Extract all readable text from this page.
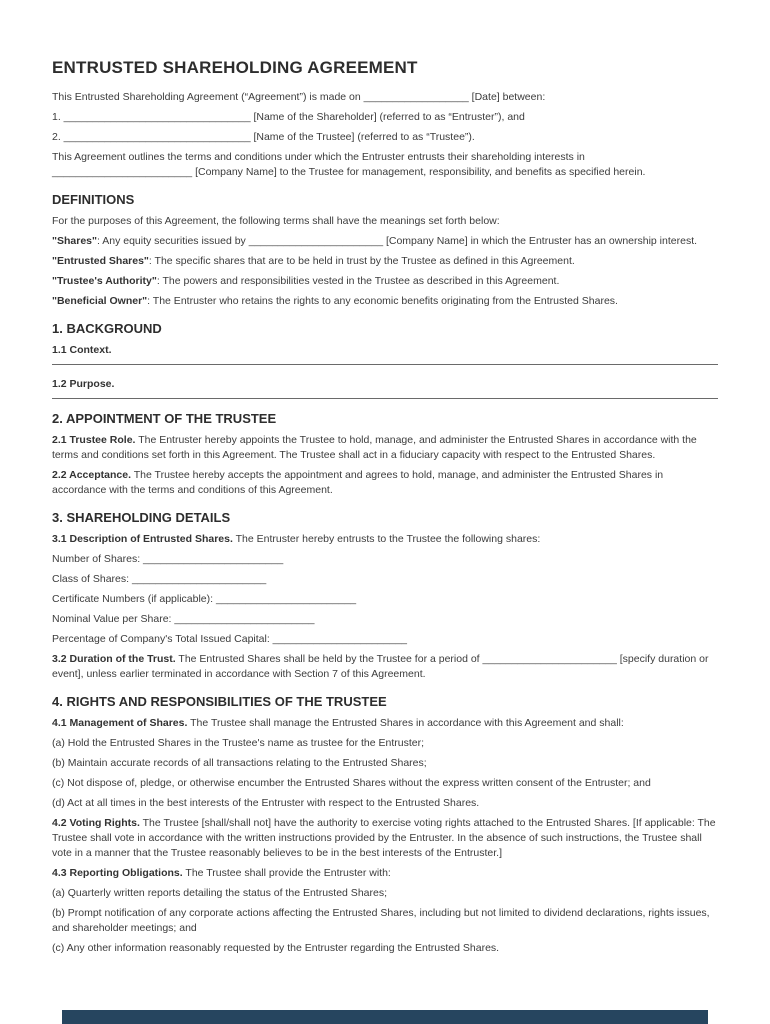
ENTRUSTED SHAREHOLDING AGREEMENT

This Entrusted Shareholding Agreement (“Agreement”) is made on __________________ [Date] between:

1. ________________________________ [Name of the Shareholder] (referred to as “Entruster”), and

2. ________________________________ [Name of the Trustee] (referred to as “Trustee”).

This Agreement outlines the terms and conditions under which the Entruster entrusts their shareholding interests in ________________________ [Company Name] to the Trustee for management, responsibility, and benefits as specified herein.

DEFINITIONS

For the purposes of this Agreement, the following terms shall have the meanings set forth below:

"Shares": Any equity securities issued by _______________________ [Company Name] in which the Entruster has an ownership interest.

"Entrusted Shares": The specific shares that are to be held in trust by the Trustee as defined in this Agreement.

"Trustee's Authority": The powers and responsibilities vested in the Trustee as described in this Agreement.

"Beneficial Owner": The Entruster who retains the rights to any economic benefits originating from the Entrusted Shares.

1. BACKGROUND

1.1 Context.

1.2 Purpose.

2. APPOINTMENT OF THE TRUSTEE

2.1 Trustee Role. The Entruster hereby appoints the Trustee to hold, manage, and administer the Entrusted Shares in accordance with the terms and conditions set forth in this Agreement. The Trustee shall act in a fiduciary capacity with respect to the Entrusted Shares.

2.2 Acceptance. The Trustee hereby accepts the appointment and agrees to hold, manage, and administer the Entrusted Shares in accordance with the terms and conditions of this Agreement.

3. SHAREHOLDING DETAILS

3.1 Description of Entrusted Shares. The Entruster hereby entrusts to the Trustee the following shares:

Number of Shares: ________________________

Class of Shares: _______________________

Certificate Numbers (if applicable): ________________________

Nominal Value per Share: ________________________

Percentage of Company's Total Issued Capital: _______________________

3.2 Duration of the Trust. The Entrusted Shares shall be held by the Trustee for a period of _______________________ [specify duration or event], unless earlier terminated in accordance with Section 7 of this Agreement.

4. RIGHTS AND RESPONSIBILITIES OF THE TRUSTEE

4.1 Management of Shares. The Trustee shall manage the Entrusted Shares in accordance with this Agreement and shall:

(a) Hold the Entrusted Shares in the Trustee's name as trustee for the Entruster;

(b) Maintain accurate records of all transactions relating to the Entrusted Shares;

(c) Not dispose of, pledge, or otherwise encumber the Entrusted Shares without the express written consent of the Entruster; and

(d) Act at all times in the best interests of the Entruster with respect to the Entrusted Shares.

4.2 Voting Rights. The Trustee [shall/shall not] have the authority to exercise voting rights attached to the Entrusted Shares. [If applicable: The Trustee shall vote in accordance with the written instructions provided by the Entruster. In the absence of such instructions, the Trustee shall vote in a manner that the Trustee reasonably believes to be in the best interests of the Entruster.]

4.3 Reporting Obligations. The Trustee shall provide the Entruster with:

(a) Quarterly written reports detailing the status of the Entrusted Shares;

(b) Prompt notification of any corporate actions affecting the Entrusted Shares, including but not limited to dividend declarations, rights issues, and shareholder meetings; and

(c) Any other information reasonably requested by the Entruster regarding the Entrusted Shares.
